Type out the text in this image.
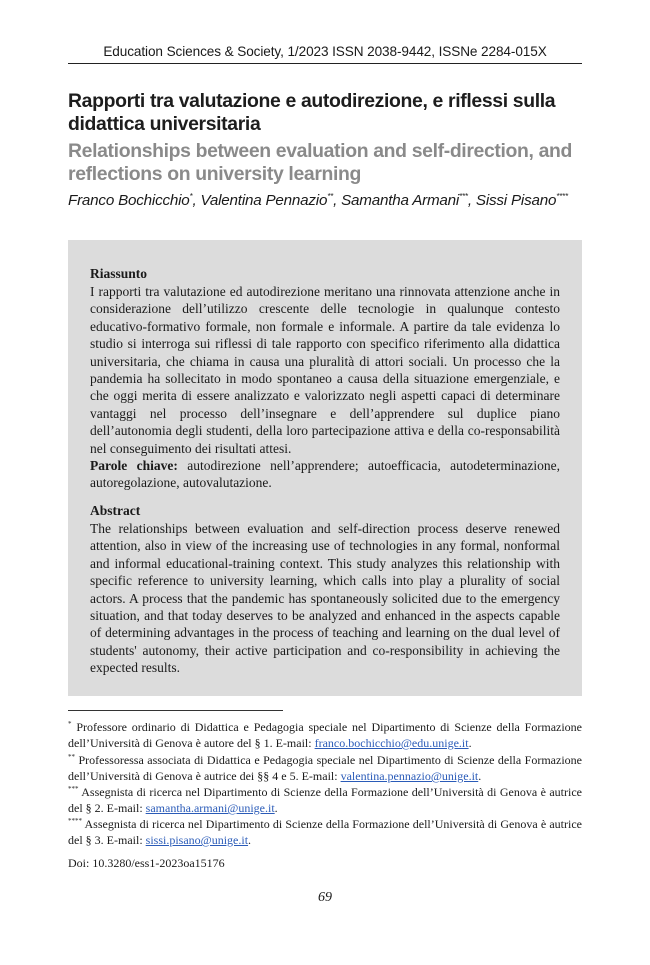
Education Sciences & Society, 1/2023 ISSN 2038-9442, ISSNe 2284-015X
Rapporti tra valutazione e autodirezione, e riflessi sulla didattica universitaria
Relationships between evaluation and self-direction, and reflections on university learning
Franco Bochicchio*, Valentina Pennazio**, Samantha Armani***, Sissi Pisano****
Riassunto
I rapporti tra valutazione ed autodirezione meritano una rinnovata attenzione anche in considerazione dell’utilizzo crescente delle tecnologie in qualunque contesto educativo-formativo formale, non formale e informale. A partire da tale evidenza lo studio si interroga sui riflessi di tale rapporto con specifico riferimento alla didattica universitaria, che chiama in causa una pluralità di attori sociali. Un processo che la pandemia ha sollecitato in modo spontaneo a causa della situazione emergenziale, e che oggi merita di essere analizzato e valorizzato negli aspetti capaci di determinare vantaggi nel processo dell’insegnare e dell’apprendere sul duplice piano dell’autonomia degli studenti, della loro partecipazione attiva e della co-responsabilità nel conseguimento dei risultati attesi.
Parole chiave: autodirezione nell’apprendere; autoefficacia, autodeterminazione, autoregolazione, autovalutazione.
Abstract
The relationships between evaluation and self-direction process deserve renewed attention, also in view of the increasing use of technologies in any formal, nonformal and informal educational-training context. This study analyzes this relationship with specific reference to university learning, which calls into play a plurality of social actors. A process that the pandemic has spontaneously solicited due to the emergency situation, and that today deserves to be analyzed and enhanced in the aspects capable of determining advantages in the process of teaching and learning on the dual level of students' autonomy, their active participation and co-responsibility in achieving the expected results.
* Professore ordinario di Didattica e Pedagogia speciale nel Dipartimento di Scienze della Formazione dell’Università di Genova è autore del § 1. E-mail: franco.bochicchio@edu.unige.it.
** Professoressa associata di Didattica e Pedagogia speciale nel Dipartimento di Scienze della Formazione dell’Università di Genova è autrice dei §§ 4 e 5. E-mail: valentina.pennazio@unige.it.
*** Assegnista di ricerca nel Dipartimento di Scienze della Formazione dell’Università di Genova è autrice del § 2. E-mail: samantha.armani@unige.it.
**** Assegnista di ricerca nel Dipartimento di Scienze della Formazione dell’Università di Genova è autrice del § 3. E-mail: sissi.pisano@unige.it.
Doi: 10.3280/ess1-2023oa15176
69
